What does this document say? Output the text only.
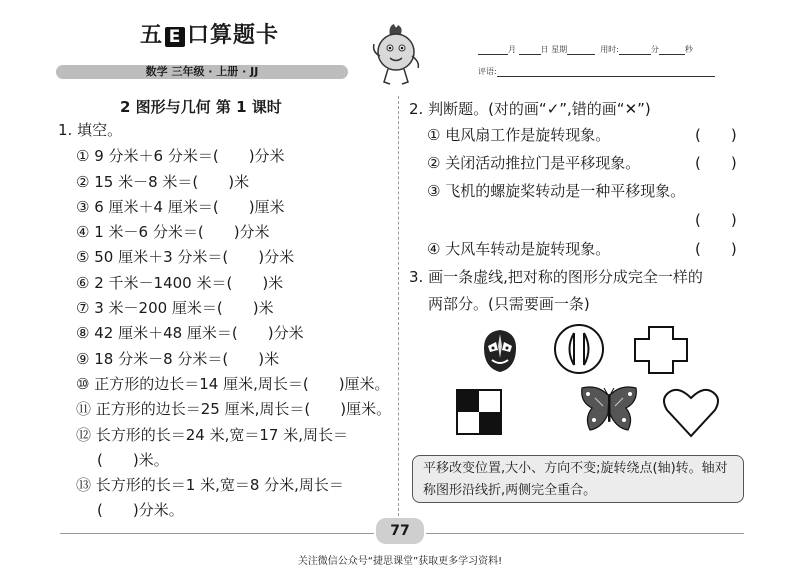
五 E 口算题卡
数学 三年级 · 上册 · JJ
月	日 星期	用时:	分	秒
评语:
2 图形与几何 第 1 课时
1. 填空。
① 9 分米＋6 分米＝(　　)分米
② 15 米－8 米＝(　　)米
③ 6 厘米＋4 厘米＝(　　)厘米
④ 1 米－6 分米＝(　　)分米
⑤ 50 厘米＋3 分米＝(　　)分米
⑥ 2 千米－1400 米＝(　　)米
⑦ 3 米－200 厘米＝(　　)米
⑧ 42 厘米＋48 厘米＝(　　)分米
⑨ 18 分米－8 分米＝(　　)米
⑩ 正方形的边长＝14 厘米,周长＝(　　)厘米。
⑪ 正方形的边长＝25 厘米,周长＝(　　)厘米。
⑫ 长方形的长＝24 米,宽＝17 米,周长＝
(　　)米。
⑬ 长方形的长＝1 米,宽＝8 分米,周长＝
(　　)分米。
2. 判断题。(对的画“✓”,错的画“✕”)
① 电风扇工作是旋转现象。	(　　)
② 关闭活动推拉门是平移现象。	(　　)
③ 飞机的螺旋桨转动是一种平移现象。
(　　)
④ 大风车转动是旋转现象。	(　　)
3. 画一条虚线,把对称的图形分成完全一样的
两部分。(只需要画一条)
平移改变位置,大小、方向不变;旋转绕点(轴)转。轴对称图形沿线折,两侧完全重合。
77
关注微信公众号“捷思课堂”获取更多学习资料!
